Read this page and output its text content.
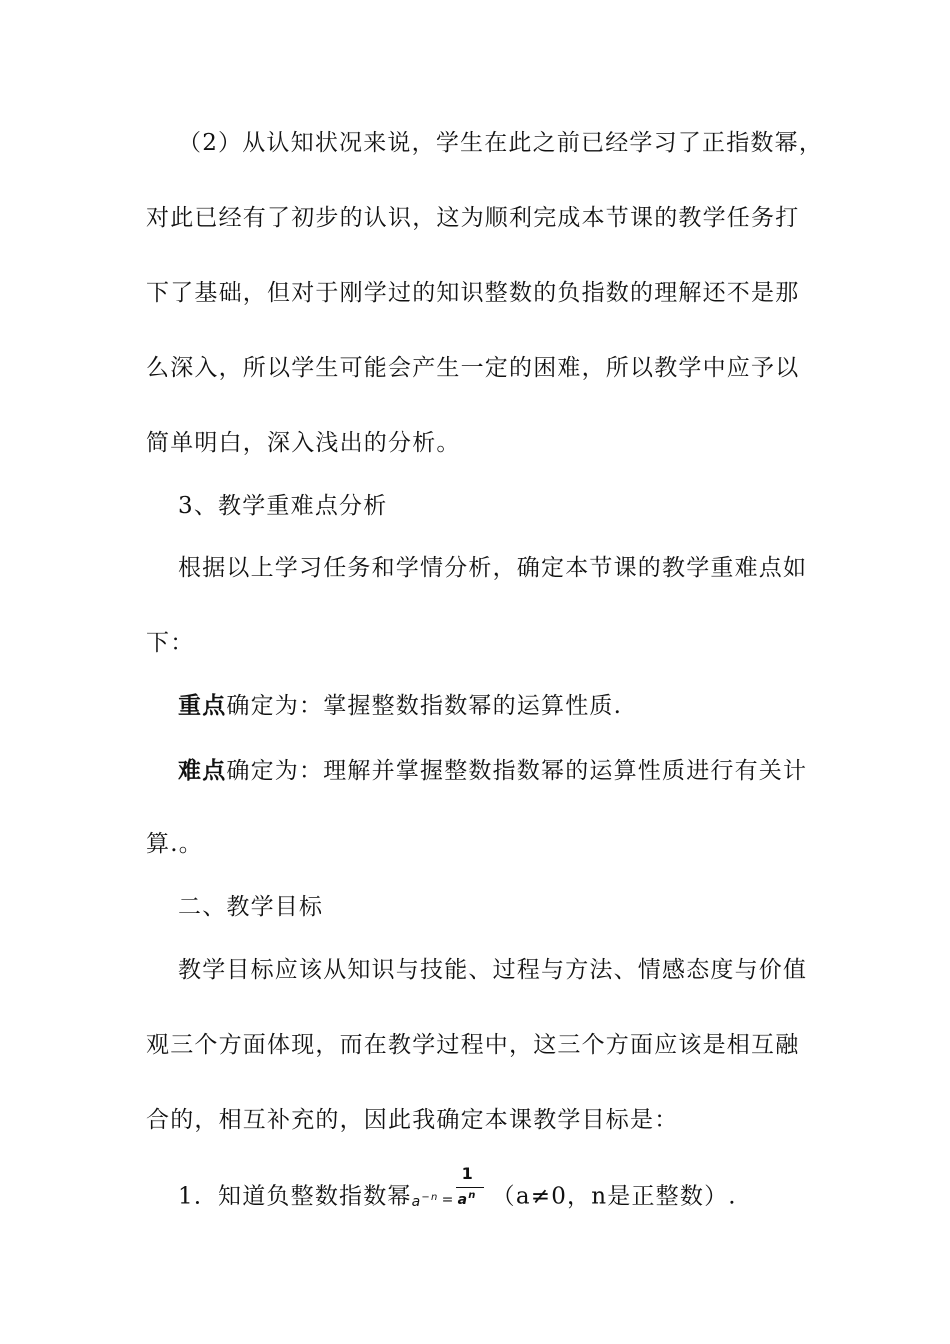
（2）从认知状况来说，学生在此之前已经学习了正指数幂，
对此已经有了初步的认识，这为顺利完成本节课的教学任务打
下了基础，但对于刚学过的知识整数的负指数的理解还不是那
么深入，所以学生可能会产生一定的困难，所以教学中应予以
简单明白，深入浅出的分析。
3、教学重难点分析
根据以上学习任务和学情分析，确定本节课的教学重难点如
下：
重点确定为：掌握整数指数幂的运算性质.
难点确定为：理解并掌握整数指数幂的运算性质进行有关计
算.。
二、教学目标
教学目标应该从知识与技能、过程与方法、情感态度与价值
观三个方面体现，而在教学过程中，这三个方面应该是相互融
合的，相互补充的，因此我确定本课教学目标是：
1．知道负整数指数幂 $a^{-n}$ =
1
$a^n$ （a≠0，n是正整数）.
